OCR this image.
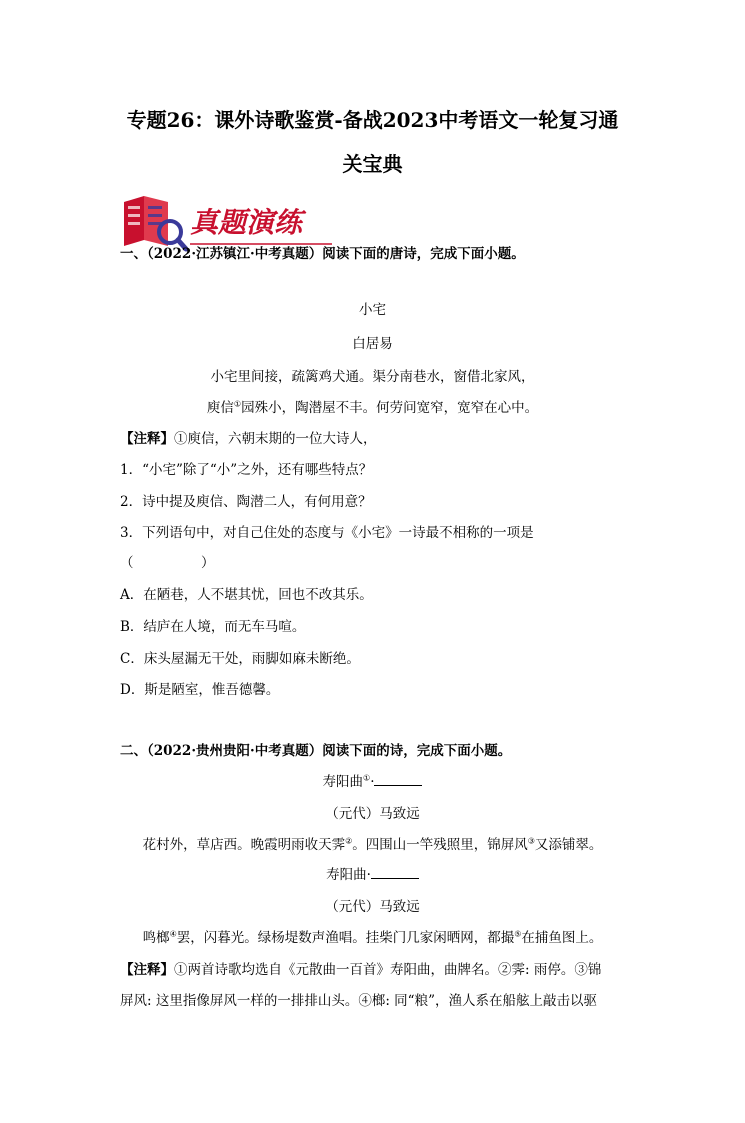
专题26：课外诗歌鉴赏-备战2023中考语文一轮复习通
关宝典
真题演练
一、（2022·江苏镇江·中考真题）阅读下面的唐诗，完成下面小题。
小宅
白居易
小宅里间接，疏篱鸡犬通。渠分南巷水，窗借北家风，
庾信①园殊小，陶潜屋不丰。何劳问宽窄，宽窄在心中。
【注释】①庾信，六朝末期的一位大诗人，
1．“小宅”除了“小”之外，还有哪些特点？
2．诗中提及庾信、陶潜二人，有何用意？
3．下列语句中，对自己住处的态度与《小宅》一诗最不相称的一项是
（　　　　　）
A．在陋巷，人不堪其忧，回也不改其乐。
B．结庐在人境，而无车马喧。
C．床头屋漏无干处，雨脚如麻未断绝。
D．斯是陋室，惟吾德馨。
二、（2022·贵州贵阳·中考真题）阅读下面的诗，完成下面小题。
寿阳曲①·
（元代）马致远
花村外，草店西。晚霞明雨收天霁②。四围山一竿残照里，锦屏风③又添铺翠。
寿阳曲·
（元代）马致远
鸣榔④罢，闪暮光。绿杨堤数声渔唱。挂柴门几家闲晒网，都撮⑤在捕鱼图上。
【注释】①两首诗歌均选自《元散曲一百首》寿阳曲，曲牌名。②霁: 雨停。③锦
屏风: 这里指像屏风一样的一排排山头。④榔: 同“粮”，渔人系在船舷上敲击以驱
